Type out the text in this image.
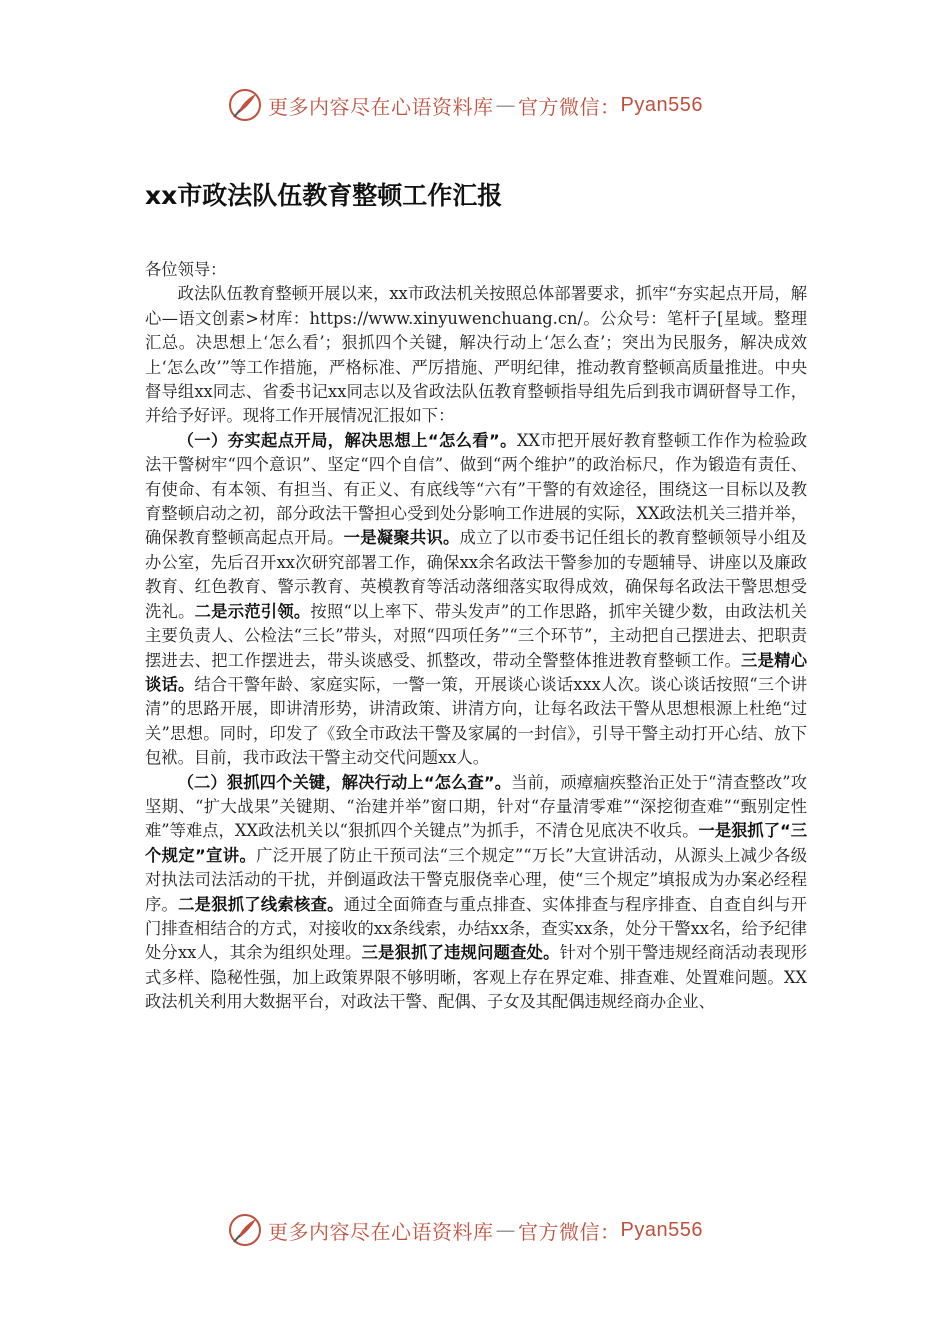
更多内容尽在心语资料库 — 官方微信： Pyan556
xx市政法队伍教育整顿工作汇报

各位领导：

政法队伍教育整顿开展以来，xx市政法机关按照总体部署要求，抓牢“夯实起点开局，解心—语文创素>材库：https://www.xinyuwenchuang.cn/。公众号：笔杆子[星域。整理汇总。决思想上‘怎么看’；狠抓四个关键，解决行动上‘怎么查’；突出为民服务，解决成效上‘怎么改’”等工作措施，严格标准、严厉措施、严明纪律，推动教育整顿高质量推进。中央督导组xx同志、省委书记xx同志以及省政法队伍教育整顿指导组先后到我市调研督导工作，并给予好评。现将工作开展情况汇报如下：

（一）夯实起点开局，解决思想上“怎么看”。XX市把开展好教育整顿工作作为检验政法干警树牢“四个意识”、坚定“四个自信”、做到“两个维护”的政治标尺，作为锻造有责任、有使命、有本领、有担当、有正义、有底线等“六有”干警的有效途径，围绕这一目标以及教育整顿启动之初，部分政法干警担心受到处分影响工作进展的实际，XX政法机关三措并举，确保教育整顿高起点开局。一是凝聚共识。成立了以市委书记任组长的教育整顿领导小组及办公室，先后召开xx次研究部署工作，确保xx余名政法干警参加的专题辅导、讲座以及廉政教育、红色教育、警示教育、英模教育等活动落细落实取得成效，确保每名政法干警思想受洗礼。二是示范引领。按照“以上率下、带头发声”的工作思路，抓牢关键少数，由政法机关主要负责人、公检法“三长”带头，对照“四项任务”“三个环节”，主动把自己摆进去、把职责摆进去、把工作摆进去，带头谈感受、抓整改，带动全警整体推进教育整顿工作。三是精心谈话。结合干警年龄、家庭实际，一警一策，开展谈心谈话xxx人次。谈心谈话按照“三个讲清”的思路开展，即讲清形势，讲清政策、讲清方向，让每名政法干警从思想根源上杜绝“过关”思想。同时，印发了《致全市政法干警及家属的一封信》，引导干警主动打开心结、放下包袱。目前，我市政法干警主动交代问题xx人。

（二）狠抓四个关键，解决行动上“怎么查”。当前，顽瘴痼疾整治正处于“清查整改”攻坚期、“扩大战果”关键期、“治建并举”窗口期，针对“存量清零难”“深挖彻查难”“甄别定性难”等难点，XX政法机关以“狠抓四个关键点”为抓手，不清仓见底决不收兵。一是狠抓了“三个规定”宣讲。广泛开展了防止干预司法“三个规定”“万长”大宣讲活动，从源头上减少各级对执法司法活动的干扰，并倒逼政法干警克服侥幸心理，使“三个规定”填报成为办案必经程序。二是狠抓了线索核查。通过全面筛查与重点排查、实体排查与程序排查、自查自纠与开门排查相结合的方式，对接收的xx条线索，办结xx条，查实xx条，处分干警xx名，给予纪律处分xx人，其余为组织处理。三是狠抓了违规问题查处。针对个别干警违规经商活动表现形式多样、隐秘性强，加上政策界限不够明晰，客观上存在界定难、排查难、处置难问题。XX政法机关利用大数据平台，对政法干警、配偶、子女及其配偶违规经商办企业、

更多内容尽在心语资料库 — 官方微信： Pyan556
